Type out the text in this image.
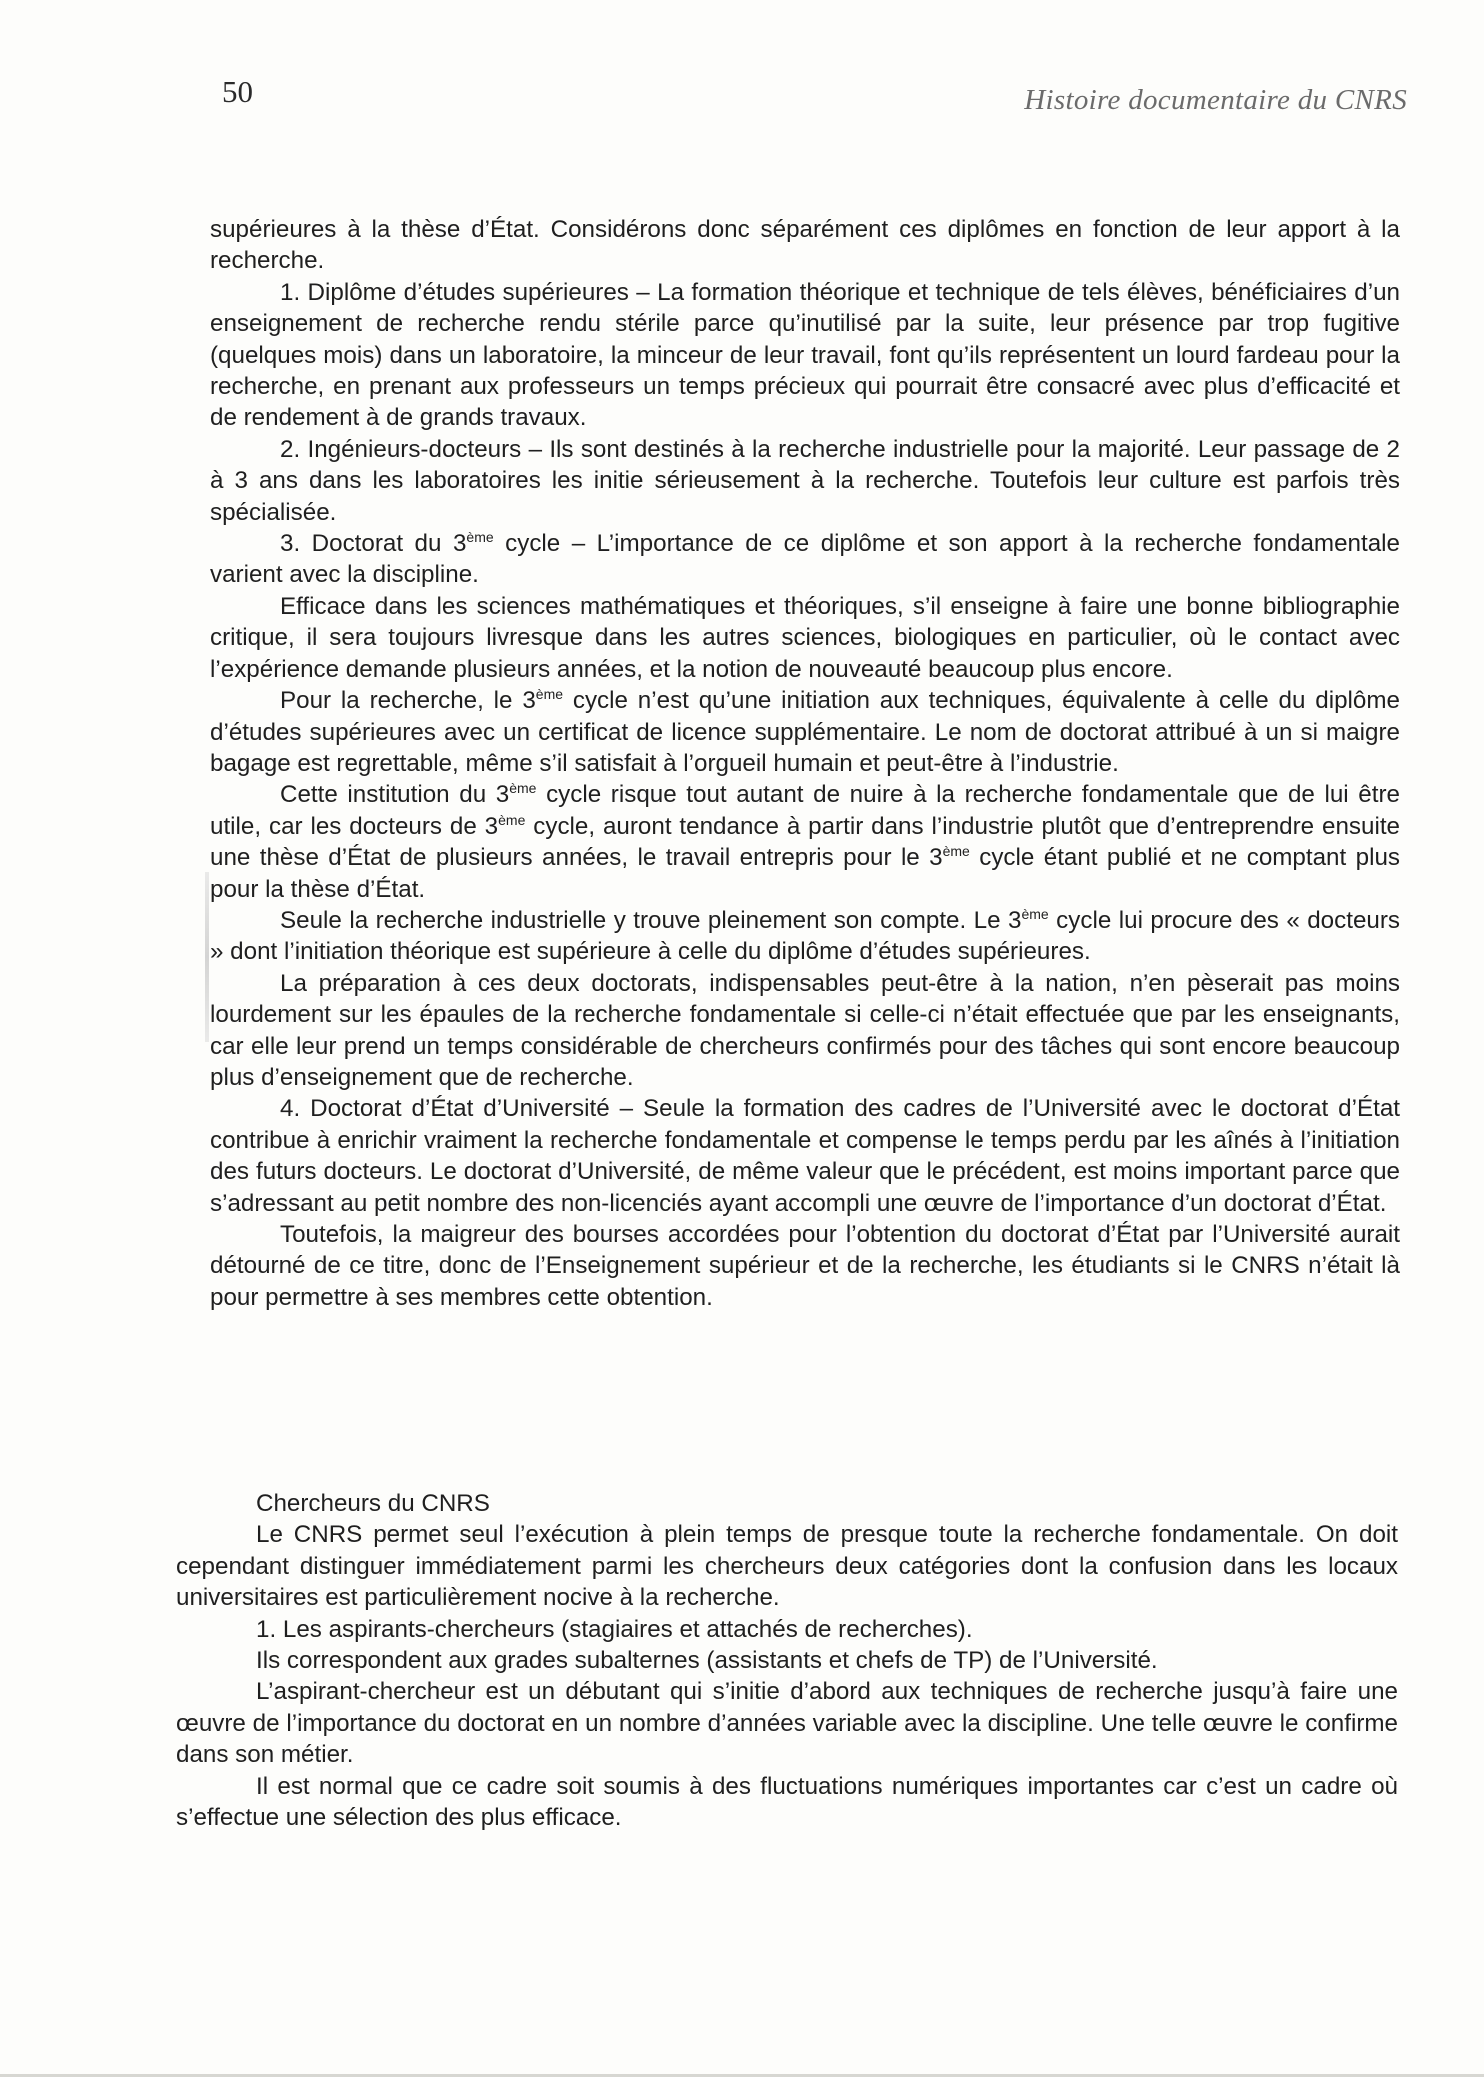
50	Histoire documentaire du CNRS

supérieures à la thèse d’État. Considérons donc séparément ces diplômes en fonction de leur apport à la recherche.

1. Diplôme d’études supérieures – La formation théorique et technique de tels élèves, bénéficiaires d’un enseignement de recherche rendu stérile parce qu’inutilisé par la suite, leur présence par trop fugitive (quelques mois) dans un laboratoire, la minceur de leur travail, font qu’ils représentent un lourd fardeau pour la recherche, en prenant aux professeurs un temps précieux qui pourrait être consacré avec plus d’efficacité et de rendement à de grands travaux.

2. Ingénieurs-docteurs – Ils sont destinés à la recherche industrielle pour la majorité. Leur passage de 2 à 3 ans dans les laboratoires les initie sérieusement à la recherche. Toutefois leur culture est parfois très spécialisée.

3. Doctorat du 3ème cycle – L’importance de ce diplôme et son apport à la recherche fondamentale varient avec la discipline.

Efficace dans les sciences mathématiques et théoriques, s’il enseigne à faire une bonne bibliographie critique, il sera toujours livresque dans les autres sciences, biologiques en particulier, où le contact avec l’expérience demande plusieurs années, et la notion de nouveauté beaucoup plus encore.

Pour la recherche, le 3ème cycle n’est qu’une initiation aux techniques, équivalente à celle du diplôme d’études supérieures avec un certificat de licence supplémentaire. Le nom de doctorat attribué à un si maigre bagage est regrettable, même s’il satisfait à l’orgueil humain et peut-être à l’industrie.

Cette institution du 3ème cycle risque tout autant de nuire à la recherche fondamentale que de lui être utile, car les docteurs de 3ème cycle, auront tendance à partir dans l’industrie plutôt que d’entreprendre ensuite une thèse d’État de plusieurs années, le travail entrepris pour le 3ème cycle étant publié et ne comptant plus pour la thèse d’État.

Seule la recherche industrielle y trouve pleinement son compte. Le 3ème cycle lui procure des « docteurs » dont l’initiation théorique est supérieure à celle du diplôme d’études supérieures.

La préparation à ces deux doctorats, indispensables peut-être à la nation, n’en pèserait pas moins lourdement sur les épaules de la recherche fondamentale si celle-ci n’était effectuée que par les enseignants, car elle leur prend un temps considérable de chercheurs confirmés pour des tâches qui sont encore beaucoup plus d’enseignement que de recherche.

4. Doctorat d’État d’Université – Seule la formation des cadres de l’Université avec le doctorat d’État contribue à enrichir vraiment la recherche fondamentale et compense le temps perdu par les aînés à l’initiation des futurs docteurs. Le doctorat d’Université, de même valeur que le précédent, est moins important parce que s’adressant au petit nombre des non-licenciés ayant accompli une œuvre de l’importance d’un doctorat d’État.

Toutefois, la maigreur des bourses accordées pour l’obtention du doctorat d’État par l’Université aurait détourné de ce titre, donc de l’Enseignement supérieur et de la recherche, les étudiants si le CNRS n’était là pour permettre à ses membres cette obtention.

Chercheurs du CNRS

Le CNRS permet seul l’exécution à plein temps de presque toute la recherche fondamentale. On doit cependant distinguer immédiatement parmi les chercheurs deux catégories dont la confusion dans les locaux universitaires est particulièrement nocive à la recherche.

1. Les aspirants-chercheurs (stagiaires et attachés de recherches).

Ils correspondent aux grades subalternes (assistants et chefs de TP) de l’Université.

L’aspirant-chercheur est un débutant qui s’initie d’abord aux techniques de recherche jusqu’à faire une œuvre de l’importance du doctorat en un nombre d’années variable avec la discipline. Une telle œuvre le confirme dans son métier.

Il est normal que ce cadre soit soumis à des fluctuations numériques importantes car c’est un cadre où s’effectue une sélection des plus efficace.
